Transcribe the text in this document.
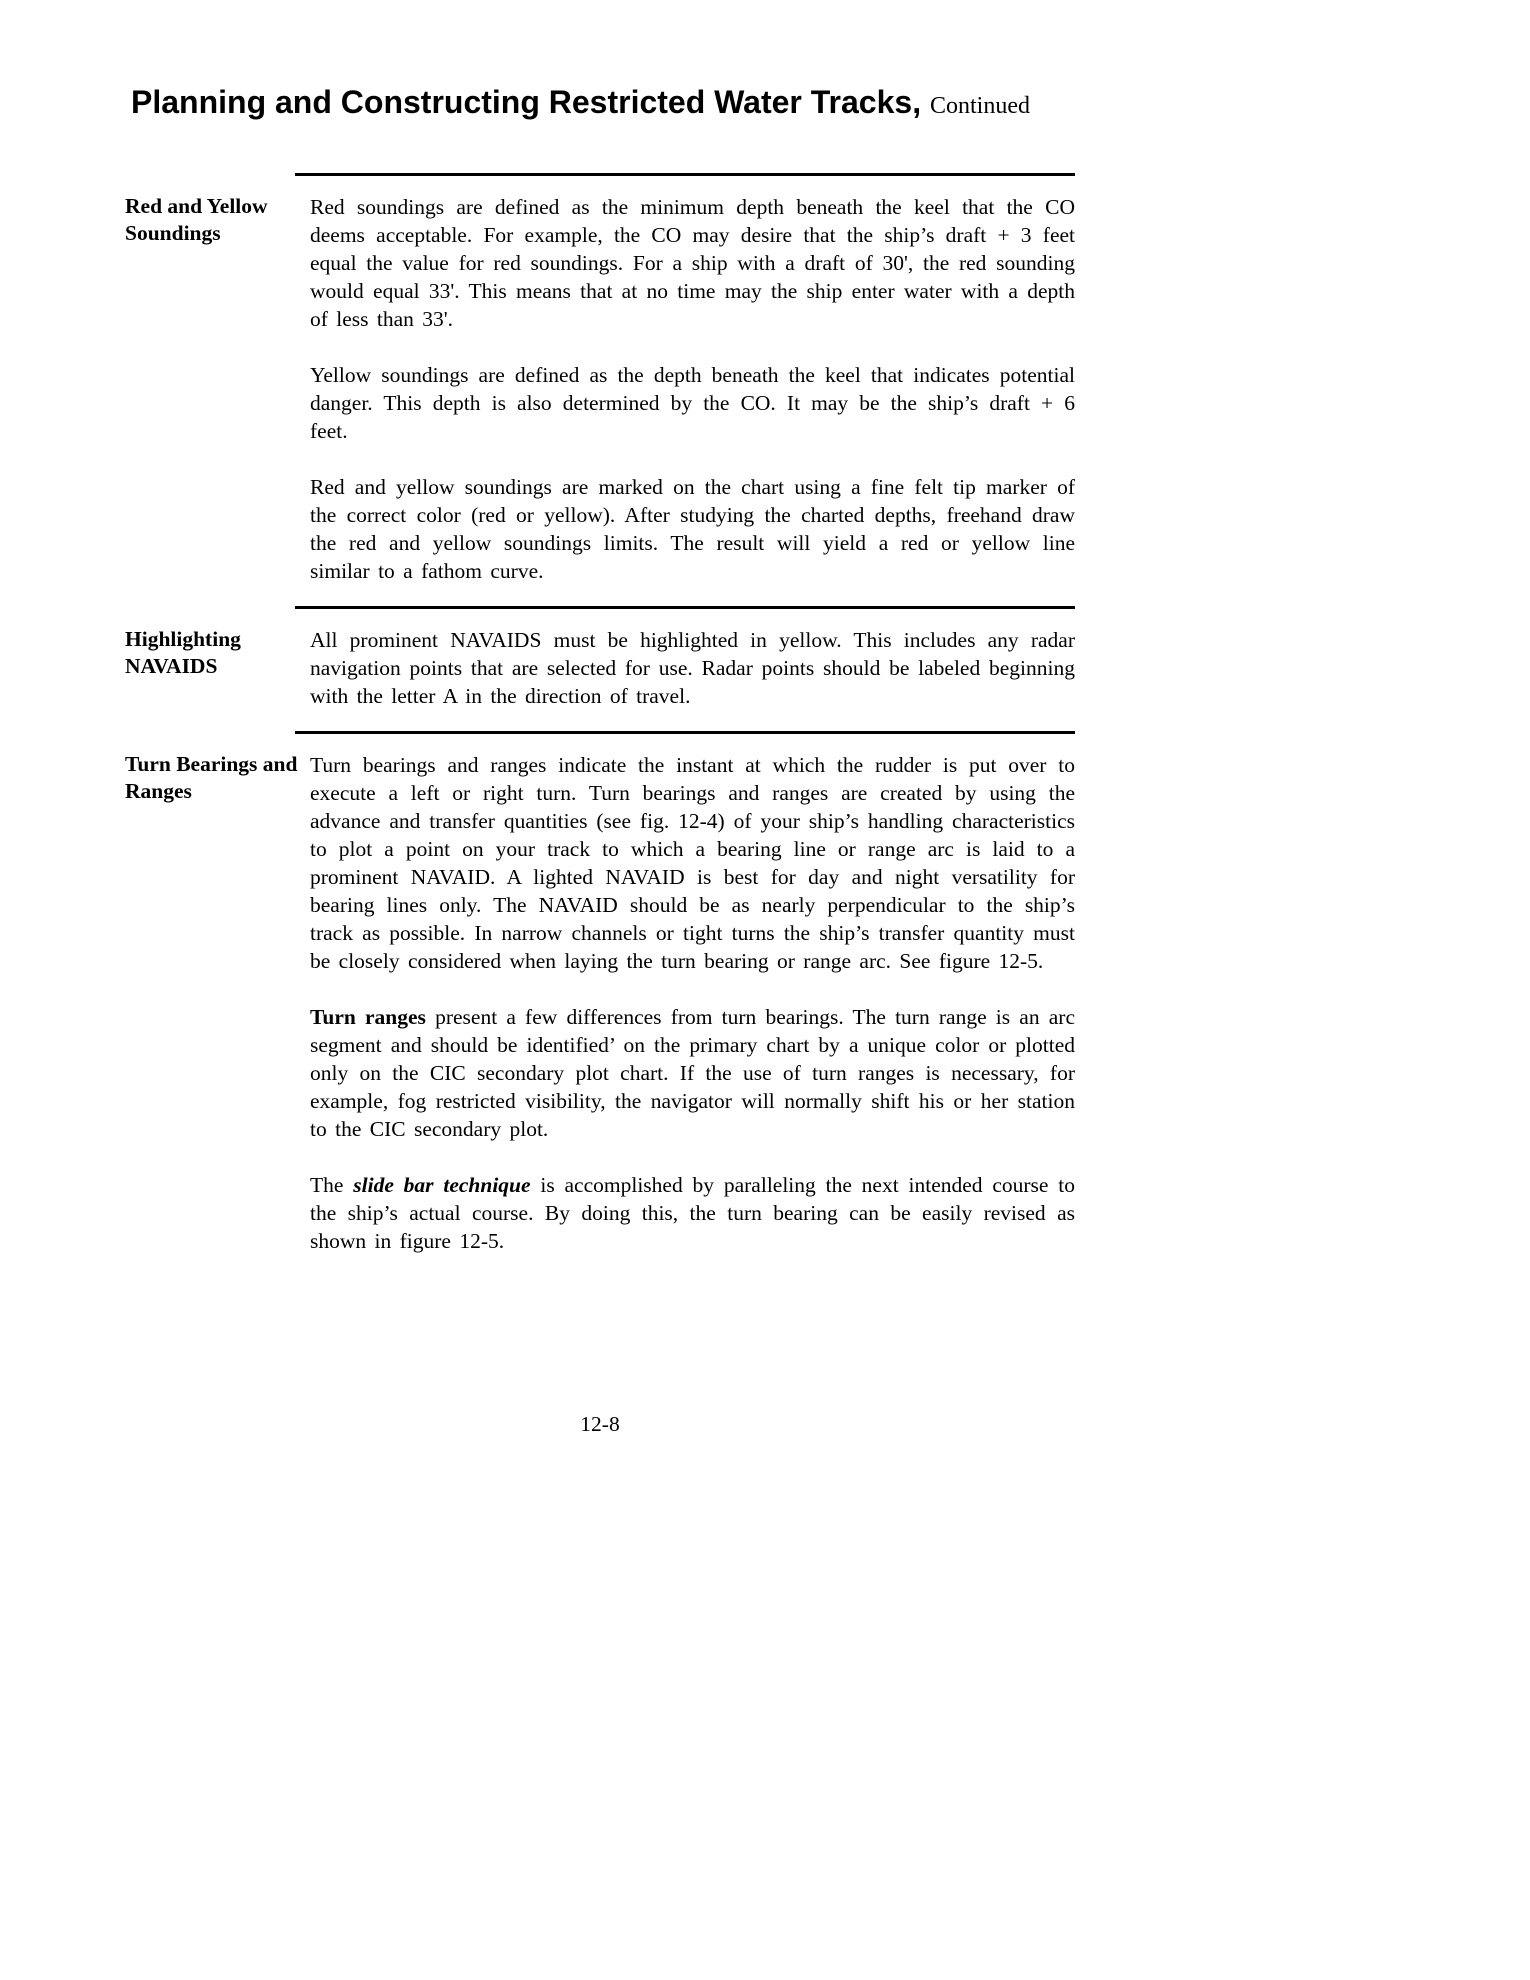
Planning and Constructing Restricted Water Tracks, Continued
Red and Yellow Soundings

Red soundings are defined as the minimum depth beneath the keel that the CO deems acceptable. For example, the CO may desire that the ship’s draft + 3 feet equal the value for red soundings. For a ship with a draft of 30', the red sounding would equal 33'. This means that at no time may the ship enter water with a depth of less than 33'.

Yellow soundings are defined as the depth beneath the keel that indicates potential danger. This depth is also determined by the CO. It may be the ship’s draft + 6 feet.

Red and yellow soundings are marked on the chart using a fine felt tip marker of the correct color (red or yellow). After studying the charted depths, freehand draw the red and yellow soundings limits. The result will yield a red or yellow line similar to a fathom curve.

Highlighting NAVAIDS

All prominent NAVAIDS must be highlighted in yellow. This includes any radar navigation points that are selected for use. Radar points should be labeled beginning with the letter A in the direction of travel.

Turn Bearings and Ranges

Turn bearings and ranges indicate the instant at which the rudder is put over to execute a left or right turn. Turn bearings and ranges are created by using the advance and transfer quantities (see fig. 12-4) of your ship’s handling characteristics to plot a point on your track to which a bearing line or range arc is laid to a prominent NAVAID. A lighted NAVAID is best for day and night versatility for bearing lines only. The NAVAID should be as nearly perpendicular to the ship’s track as possible. In narrow channels or tight turns the ship’s transfer quantity must be closely considered when laying the turn bearing or range arc. See figure 12-5.

Turn ranges present a few differences from turn bearings. The turn range is an arc segment and should be identified’ on the primary chart by a unique color or plotted only on the CIC secondary plot chart. If the use of turn ranges is necessary, for example, fog restricted visibility, the navigator will normally shift his or her station to the CIC secondary plot.

The slide bar technique is accomplished by paralleling the next intended course to the ship’s actual course. By doing this, the turn bearing can be easily revised as shown in figure 12-5.

12-8
